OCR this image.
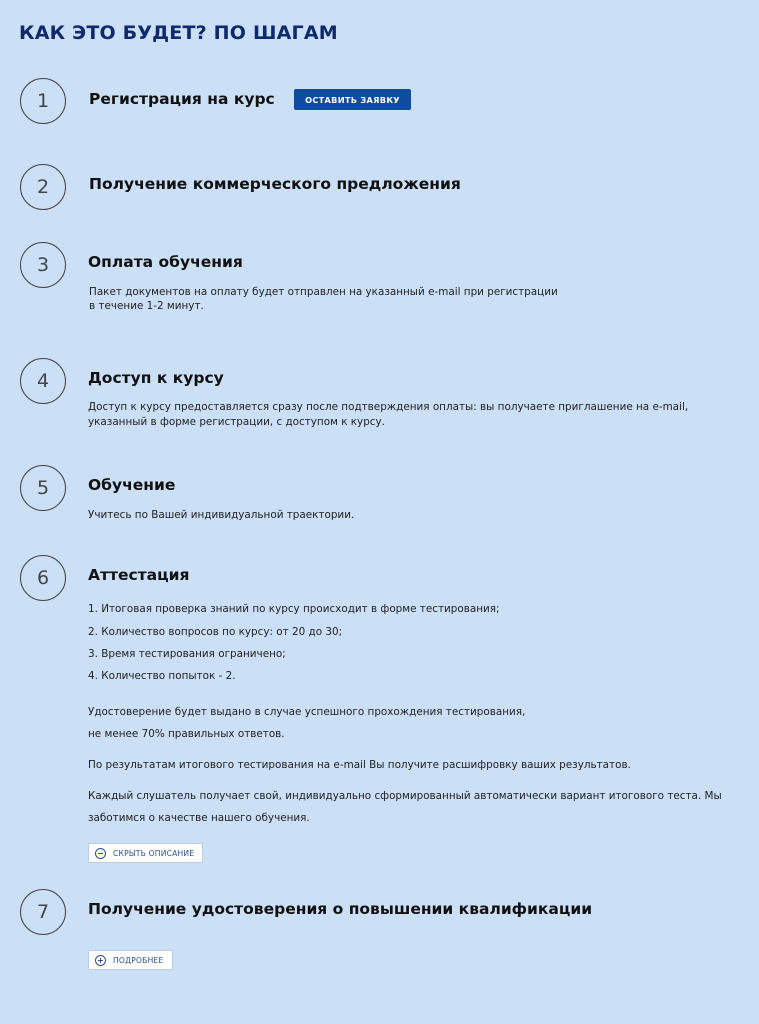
КАК ЭТО БУДЕТ? ПО ШАГАМ
1	Регистрация на курс	ОСТАВИТЬ ЗАЯВКУ
2	Получение коммерческого предложения
3	Оплата обучения
Пакет документов на оплату будет отправлен на указанный e-mail при регистрации
в течение 1-2 минут.
4	Доступ к курсу
Доступ к курсу предоставляется сразу после подтверждения оплаты: вы получаете приглашение на e-mail,
указанный в форме регистрации, с доступом к курсу.
5	Обучение
Учитесь по Вашей индивидуальной траектории.
6	Аттестация
1. Итоговая проверка знаний по курсу происходит в форме тестирования;
2. Количество вопросов по курсу: от 20 до 30;
3. Время тестирования ограничено;
4. Количество попыток - 2.
Удостоверение будет выдано в случае успешного прохождения тестирования,
не менее 70% правильных ответов.
По результатам итогового тестирования на e-mail Вы получите расшифровку ваших результатов.
Каждый слушатель получает свой, индивидуально сформированный автоматически вариант итогового теста. Мы
заботимся о качестве нашего обучения.
СКРЫТЬ ОПИСАНИЕ
7	Получение удостоверения о повышении квалификации
ПОДРОБНЕЕ
